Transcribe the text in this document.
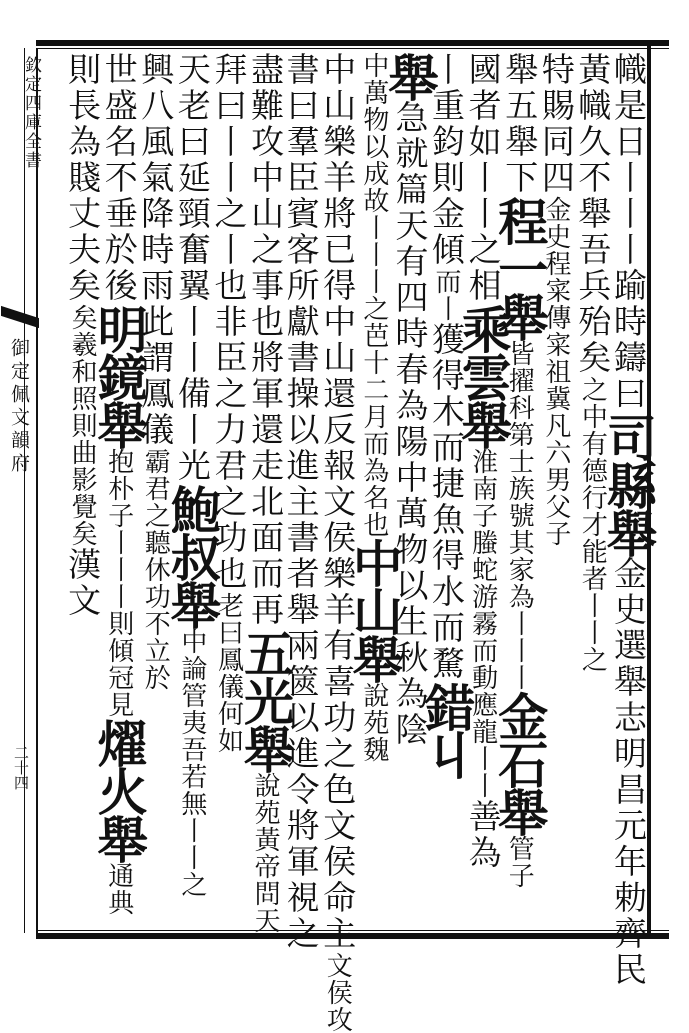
欽定四庫全書
御定佩文韻府
二十四
幟是日丨丨丨踰時鑄曰司縣舉金史選舉志明昌元年勅齊民
黃幟久不舉吾兵殆矣之中有德行才能者丨丨之
特賜同四金史程寀傳寀祖冀凡六男父子
舉五舉下程一舉皆擢科第士族號其家為丨丨丨金石舉管子
國者如丨丨之相乘雲舉淮南子螣蛇游霧而動應龍丨丨善為
丨重鈞則金傾而丨獲得木而捷魚得水而騖錯丩
舉急就篇天有四時春為陽中萬物以生秋為陰
中萬物以成故丨丨丨之芭十二月而為名也中山舉說苑魏
中山樂羊將已得中山還反報文侯樂羊有喜功之色文侯命主文侯攻
書曰羣臣賓客所獻書操以進主書者舉兩篋以進令將軍視之
盡難攻中山之事也將軍還走北面而再五光舉說苑黃帝問天
拜曰丨丨之丨也非臣之力君之功也老曰鳳儀何如
天老曰延頸奮翼丨丨備丨光鮑叔舉中論管夷吾若無丨丨之
興八風氣降時雨此謂鳳儀霸君之聽休功不立於
世盛名不垂於後明鏡舉抱朴子丨丨丨則傾冠見燿火舉通典
則長為賤丈夫矣矣羲和照則曲影覺矣漢文
